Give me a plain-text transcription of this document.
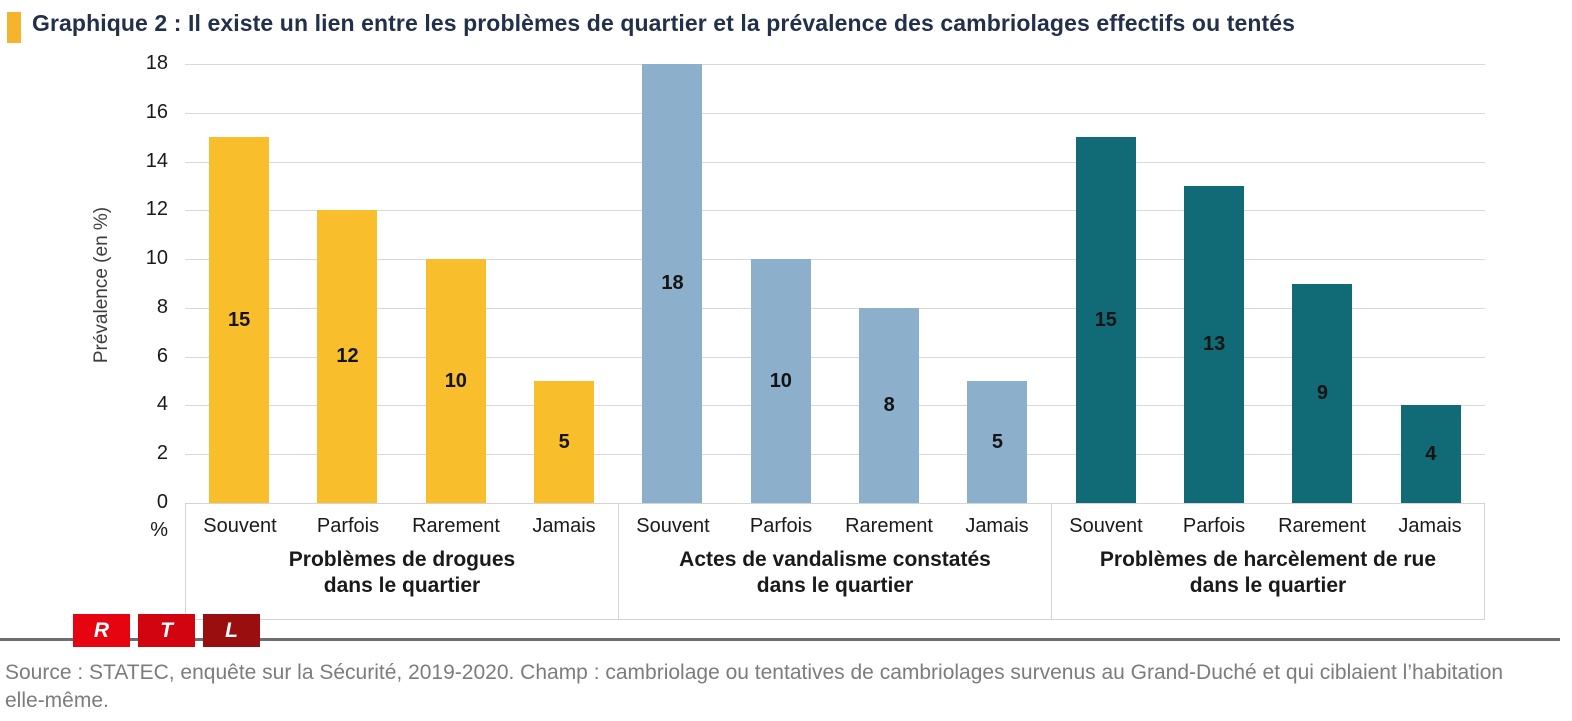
Graphique 2 : Il existe un lien entre les problèmes de quartier et la prévalence des cambriolages effectifs ou tentés
Prévalence (en %)
0
2
4
6
8
10
12
14
16
18
%
15
12
10
5
18
10
8
5
15
13
9
4
Souvent	Parfois	Rarement	Jamais
Problèmes de drogues
dans le quartier
Souvent	Parfois	Rarement	Jamais
Actes de vandalisme constatés
dans le quartier
Souvent	Parfois	Rarement	Jamais
Problèmes de harcèlement de rue
dans le quartier
R T L
Source : STATEC, enquête sur la Sécurité, 2019-2020. Champ : cambriolage ou tentatives de cambriolages survenus au Grand-Duché et qui ciblaient l’habitation elle-même.
